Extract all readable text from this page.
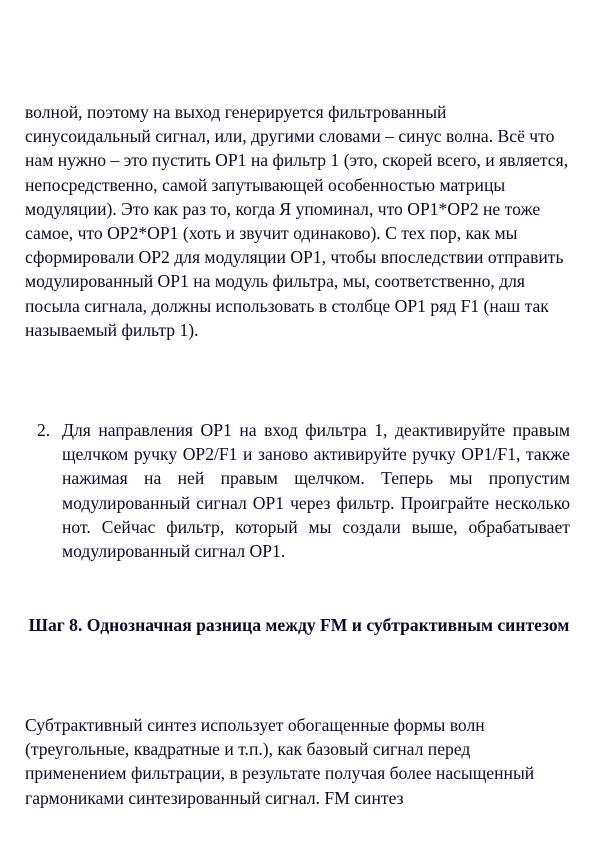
волной, поэтому на выход генерируется фильтрованный синусоидальный сигнал, или, другими словами – синус волна. Всё что нам нужно – это пустить OP1 на фильтр 1 (это, скорей всего, и является, непосредственно, самой запутывающей особенностью матрицы модуляции). Это как раз то, когда Я упоминал, что OP1*OP2 не тоже самое, что OP2*OP1 (хоть и звучит одинаково). С тех пор, как мы сформировали OP2 для модуляции OP1, чтобы впоследствии отправить модулированный OP1 на модуль фильтра, мы, соответственно, для посыла сигнала, должны использовать в столбце OP1 ряд F1 (наш так называемый фильтр 1).

2. Для направления OP1 на вход фильтра 1, деактивируйте правым щелчком ручку OP2/F1 и заново активируйте ручку OP1/F1, также нажимая на ней правым щелчком. Теперь мы пропустим модулированный сигнал OP1 через фильтр. Проиграйте несколько нот. Сейчас фильтр, который мы создали выше, обрабатывает модулированный сигнал OP1.
Шаг 8. Однозначная разница между FM и субтрактивным синтезом

Субтрактивный синтез использует обогащенные формы волн (треугольные, квадратные и т.п.), как базовый сигнал перед применением фильтрации, в результате получая более насыщенный гармониками синтезированный сигнал. FM синтез
